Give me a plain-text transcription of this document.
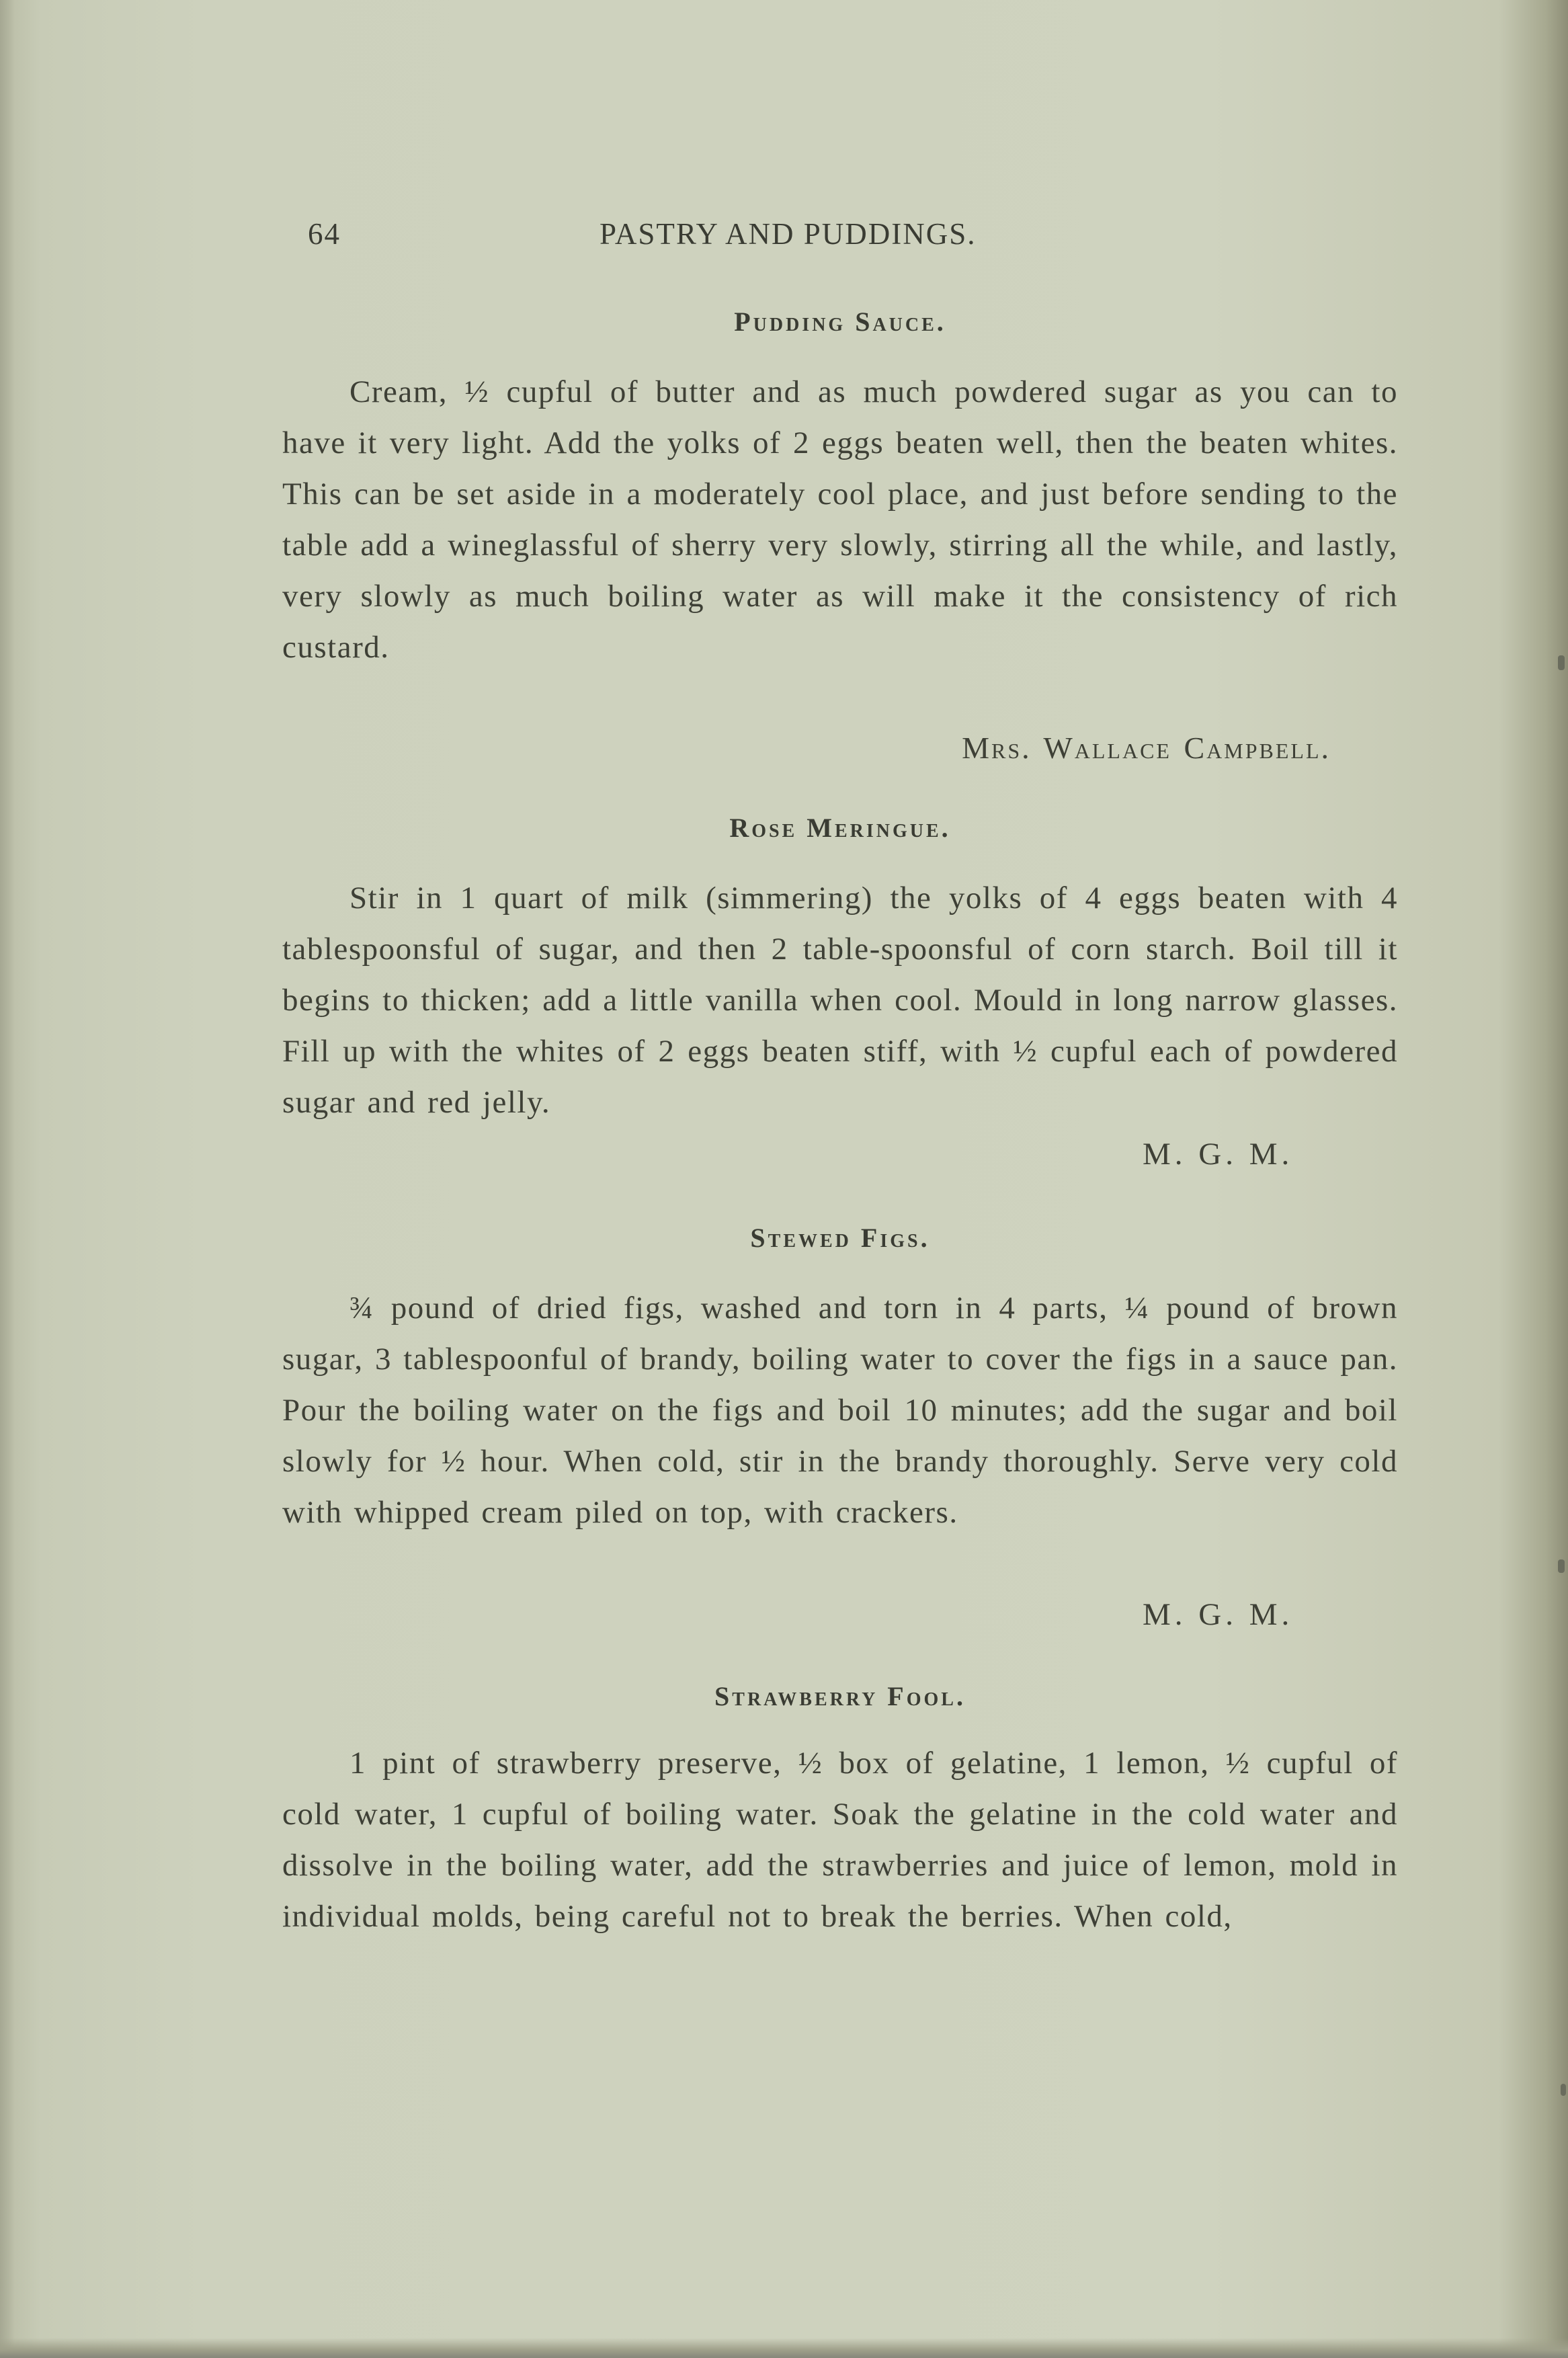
64	PASTRY AND PUDDINGS.
Pudding Sauce.
Cream, ½ cupful of butter and as much powdered sugar as you can to have it very light. Add the yolks of 2 eggs beaten well, then the beaten whites. This can be set aside in a moderately cool place, and just before sending to the table add a wineglassful of sherry very slowly, stirring all the while, and lastly, very slowly as much boiling water as will make it the consistency of rich custard.
Mrs. Wallace Campbell.
Rose Meringue.
Stir in 1 quart of milk (simmering) the yolks of 4 eggs beaten with 4 tablespoonsful of sugar, and then 2 table-spoonsful of corn starch. Boil till it begins to thicken; add a little vanilla when cool. Mould in long narrow glasses. Fill up with the whites of 2 eggs beaten stiff, with ½ cupful each of powdered sugar and red jelly.
M. G. M.
Stewed Figs.
¾ pound of dried figs, washed and torn in 4 parts, ¼ pound of brown sugar, 3 tablespoonful of brandy, boiling water to cover the figs in a sauce pan. Pour the boiling water on the figs and boil 10 minutes; add the sugar and boil slowly for ½ hour. When cold, stir in the brandy thoroughly. Serve very cold with whipped cream piled on top, with crackers.
M. G. M.
Strawberry Fool.
1 pint of strawberry preserve, ½ box of gelatine, 1 lemon, ½ cupful of cold water, 1 cupful of boiling water. Soak the gelatine in the cold water and dissolve in the boiling water, add the strawberries and juice of lemon, mold in individual molds, being careful not to break the berries. When cold,
